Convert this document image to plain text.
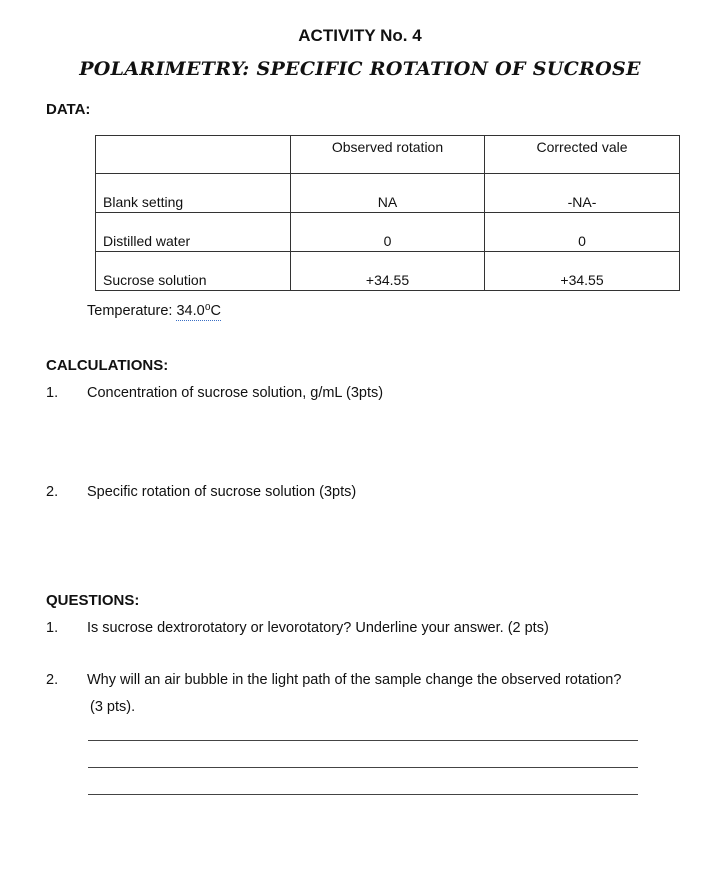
ACTIVITY No. 4
POLARIMETRY: SPECIFIC ROTATION OF SUCROSE
DATA:
	Observed rotation	Corrected vale
Blank setting	NA	-NA-
Distilled water	0	0
Sucrose solution	+34.55	+34.55
Temperature: 34.0⁰C
CALCULATIONS:
1. Concentration of sucrose solution, g/mL (3pts)
2. Specific rotation of sucrose solution (3pts)
QUESTIONS:
1. Is sucrose dextrorotatory or levorotatory? Underline your answer. (2 pts)
2. Why will an air bubble in the light path of the sample change the observed rotation?
(3 pts).
